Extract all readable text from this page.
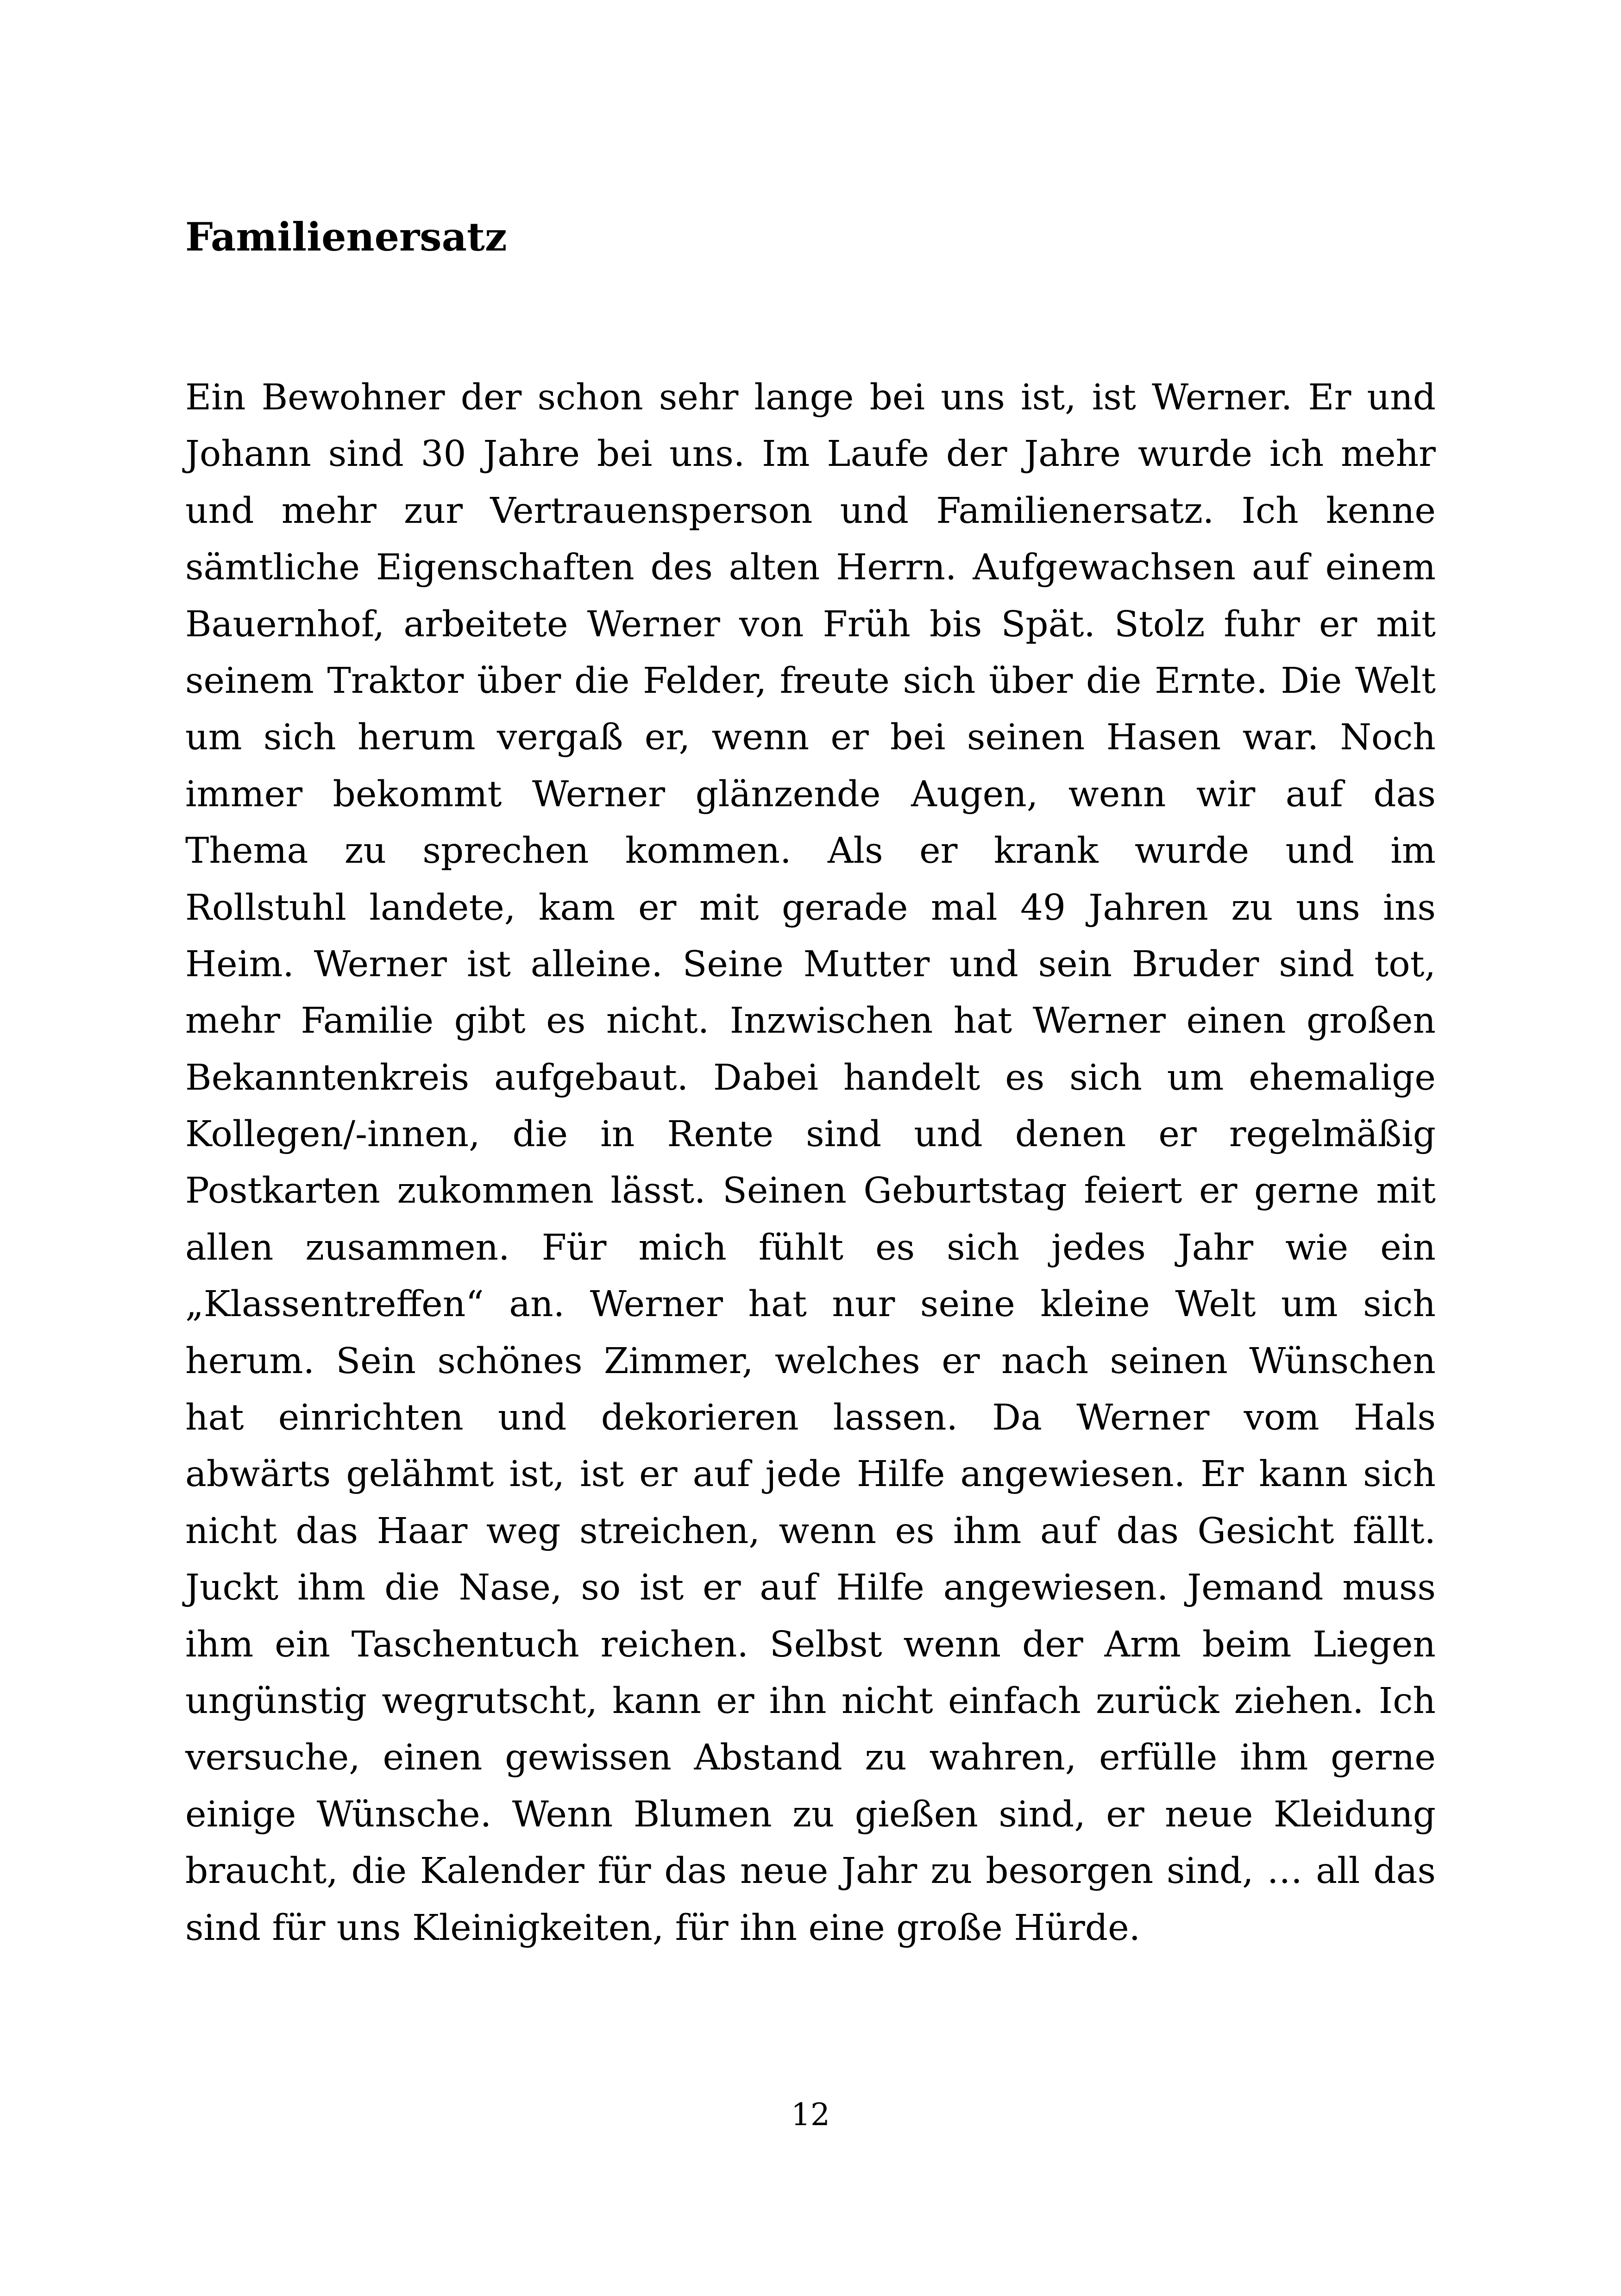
Familienersatz
Ein Bewohner der schon sehr lange bei uns ist, ist Werner. Er und
Johann sind 30 Jahre bei uns. Im Laufe der Jahre wurde ich mehr
und mehr zur Vertrauensperson und Familienersatz. Ich kenne
sämtliche Eigenschaften des alten Herrn. Aufgewachsen auf einem
Bauernhof, arbeitete Werner von Früh bis Spät. Stolz fuhr er mit
seinem Traktor über die Felder, freute sich über die Ernte. Die Welt
um sich herum vergaß er, wenn er bei seinen Hasen war. Noch
immer bekommt Werner glänzende Augen, wenn wir auf das
Thema zu sprechen kommen. Als er krank wurde und im
Rollstuhl landete, kam er mit gerade mal 49 Jahren zu uns ins
Heim. Werner ist alleine. Seine Mutter und sein Bruder sind tot,
mehr Familie gibt es nicht. Inzwischen hat Werner einen großen
Bekanntenkreis aufgebaut. Dabei handelt es sich um ehemalige
Kollegen/-innen, die in Rente sind und denen er regelmäßig
Postkarten zukommen lässt. Seinen Geburtstag feiert er gerne mit
allen zusammen. Für mich fühlt es sich jedes Jahr wie ein
„Klassentreffen“ an. Werner hat nur seine kleine Welt um sich
herum. Sein schönes Zimmer, welches er nach seinen Wünschen
hat einrichten und dekorieren lassen. Da Werner vom Hals
abwärts gelähmt ist, ist er auf jede Hilfe angewiesen. Er kann sich
nicht das Haar weg streichen, wenn es ihm auf das Gesicht fällt.
Juckt ihm die Nase, so ist er auf Hilfe angewiesen. Jemand muss
ihm ein Taschentuch reichen. Selbst wenn der Arm beim Liegen
ungünstig wegrutscht, kann er ihn nicht einfach zurück ziehen. Ich
versuche, einen gewissen Abstand zu wahren, erfülle ihm gerne
einige Wünsche. Wenn Blumen zu gießen sind, er neue Kleidung
braucht, die Kalender für das neue Jahr zu besorgen sind, … all das
sind für uns Kleinigkeiten, für ihn eine große Hürde.
12
